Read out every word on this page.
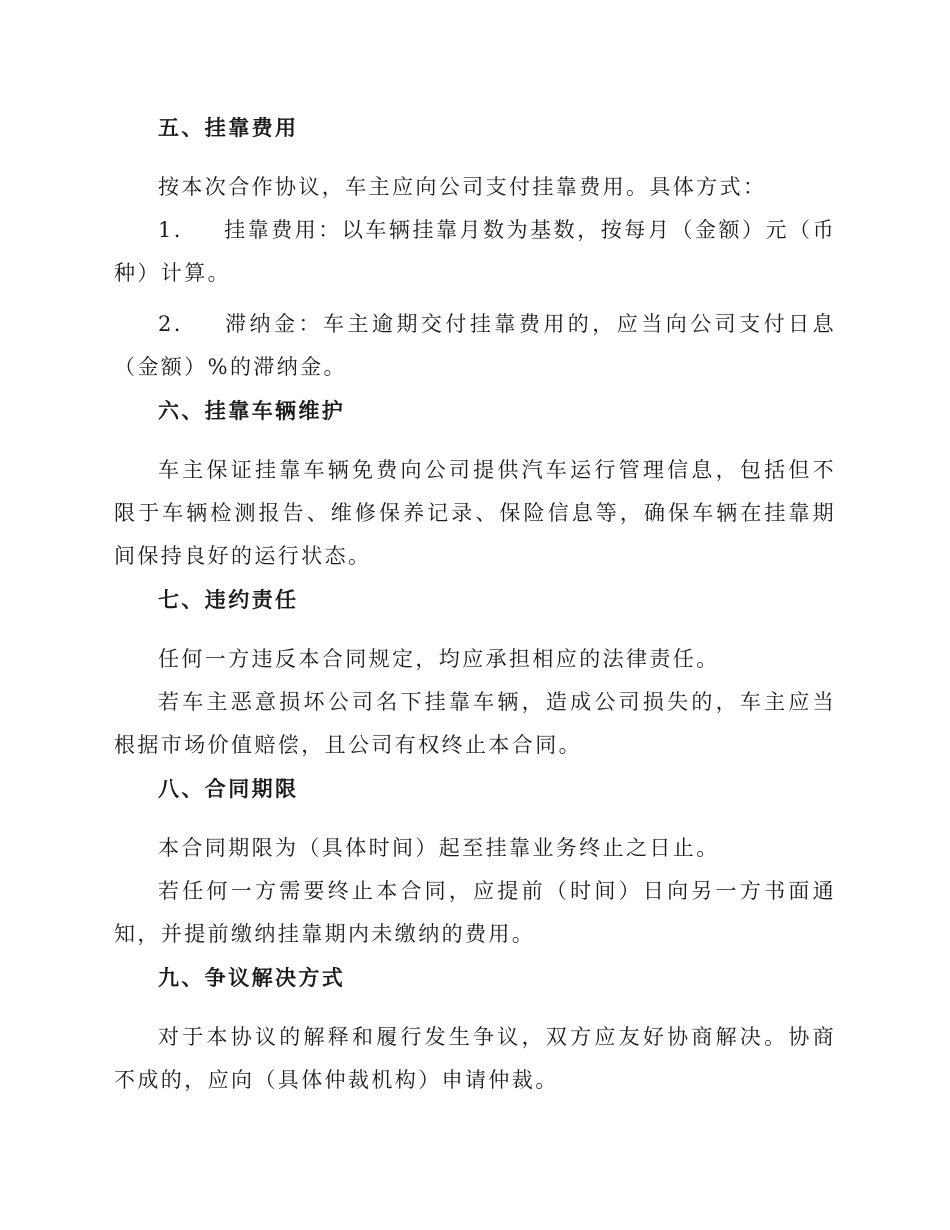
五、挂靠费用

按本次合作协议，车主应向公司支付挂靠费用。具体方式：

1. 挂靠费用：以车辆挂靠月数为基数，按每月（金额）元（币种）计算。

2. 滞纳金：车主逾期交付挂靠费用的，应当向公司支付日息（金额）%的滞纳金。

六、挂靠车辆维护

车主保证挂靠车辆免费向公司提供汽车运行管理信息，包括但不限于车辆检测报告、维修保养记录、保险信息等，确保车辆在挂靠期间保持良好的运行状态。

七、违约责任

任何一方违反本合同规定，均应承担相应的法律责任。

若车主恶意损坏公司名下挂靠车辆，造成公司损失的，车主应当根据市场价值赔偿，且公司有权终止本合同。

八、合同期限

本合同期限为（具体时间）起至挂靠业务终止之日止。

若任何一方需要终止本合同，应提前（时间）日向另一方书面通知，并提前缴纳挂靠期内未缴纳的费用。

九、争议解决方式

对于本协议的解释和履行发生争议，双方应友好协商解决。协商不成的，应向（具体仲裁机构）申请仲裁。
